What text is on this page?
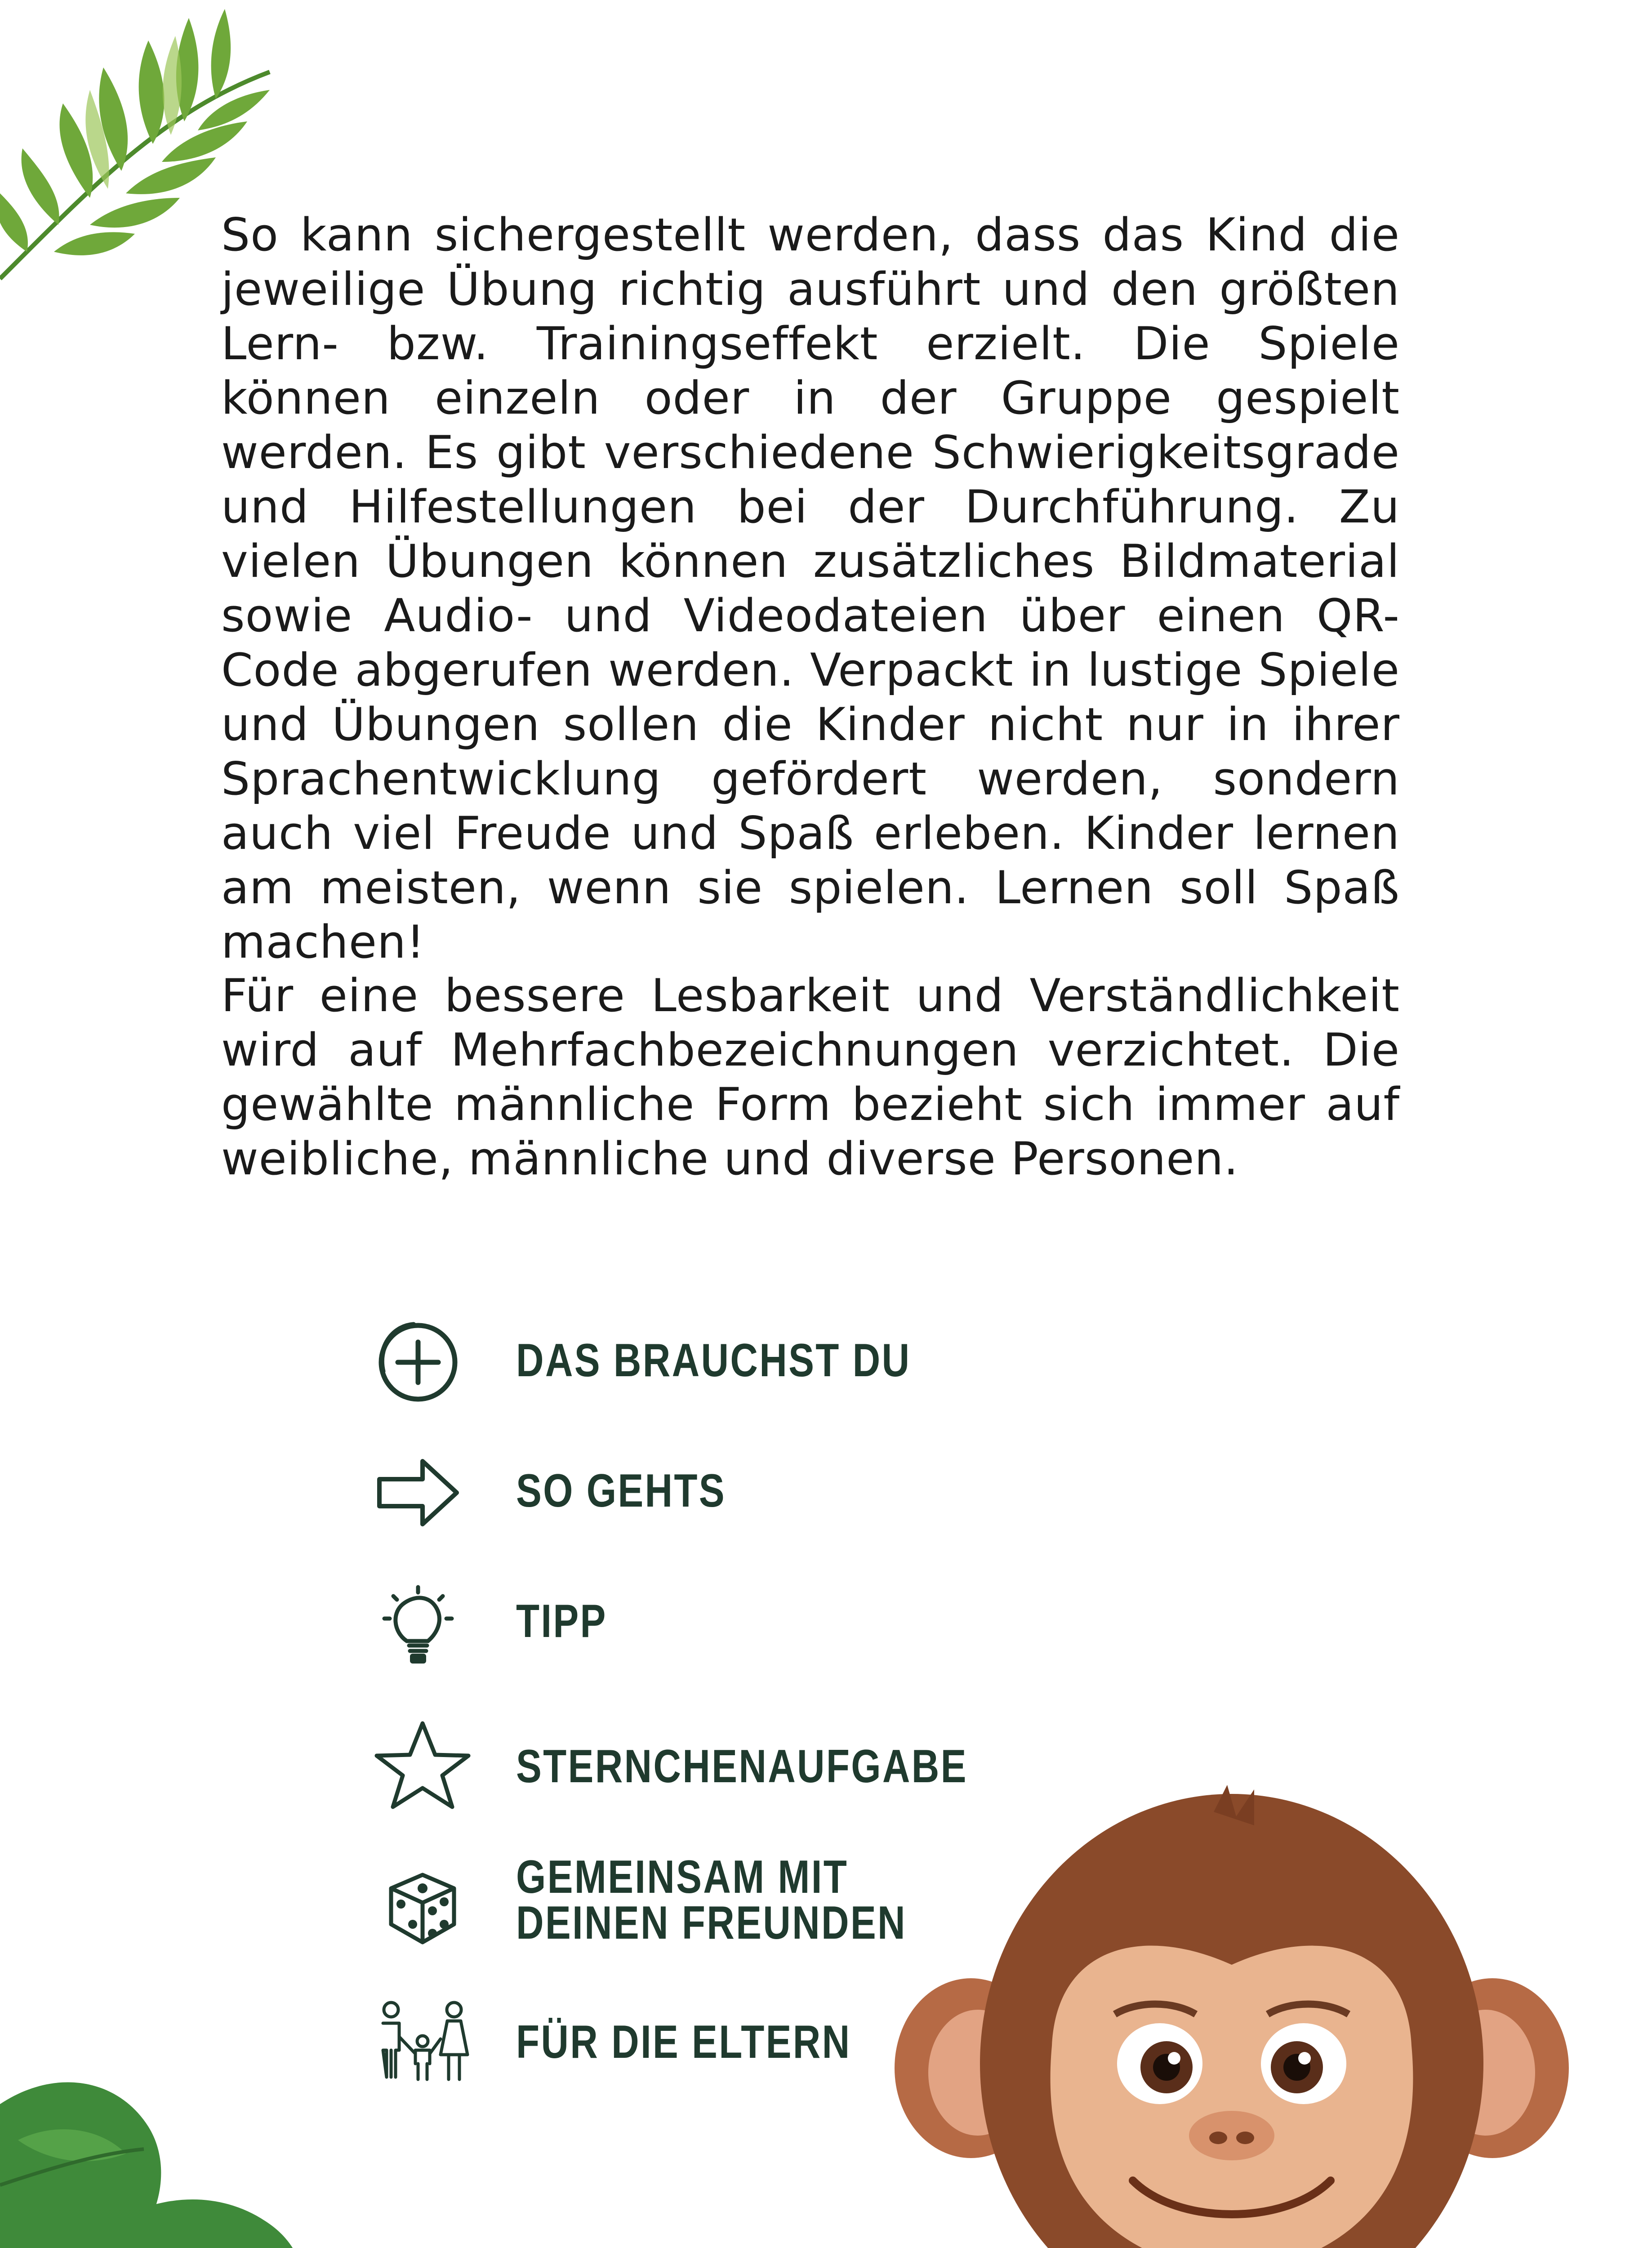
So kann sichergestellt werden, dass das Kind die jeweilige Übung richtig ausführt und den größten Lern- bzw. Trainingseffekt erzielt. Die Spiele können einzeln oder in der Gruppe gespielt werden. Es gibt verschiedene Schwierigkeitsgrade und Hilfestellungen bei der Durchführung. Zu vielen Übungen können zusätzliches Bildmaterial sowie Audio- und Videodateien über einen QR-Code abgerufen werden. Verpackt in lustige Spiele und Übungen sollen die Kinder nicht nur in ihrer Sprachentwicklung gefördert werden, sondern auch viel Freude und Spaß erleben. Kinder lernen am meisten, wenn sie spielen. Lernen soll Spaß machen!

Für eine bessere Lesbarkeit und Verständlichkeit wird auf Mehrfachbezeichnungen verzichtet. Die gewählte männliche Form bezieht sich immer auf weibliche, männliche und diverse Personen.

DAS BRAUCHST DU
SO GEHTS
TIPP
STERNCHENAUFGABE
GEMEINSAM MIT
DEINEN FREUNDEN
FÜR DIE ELTERN
